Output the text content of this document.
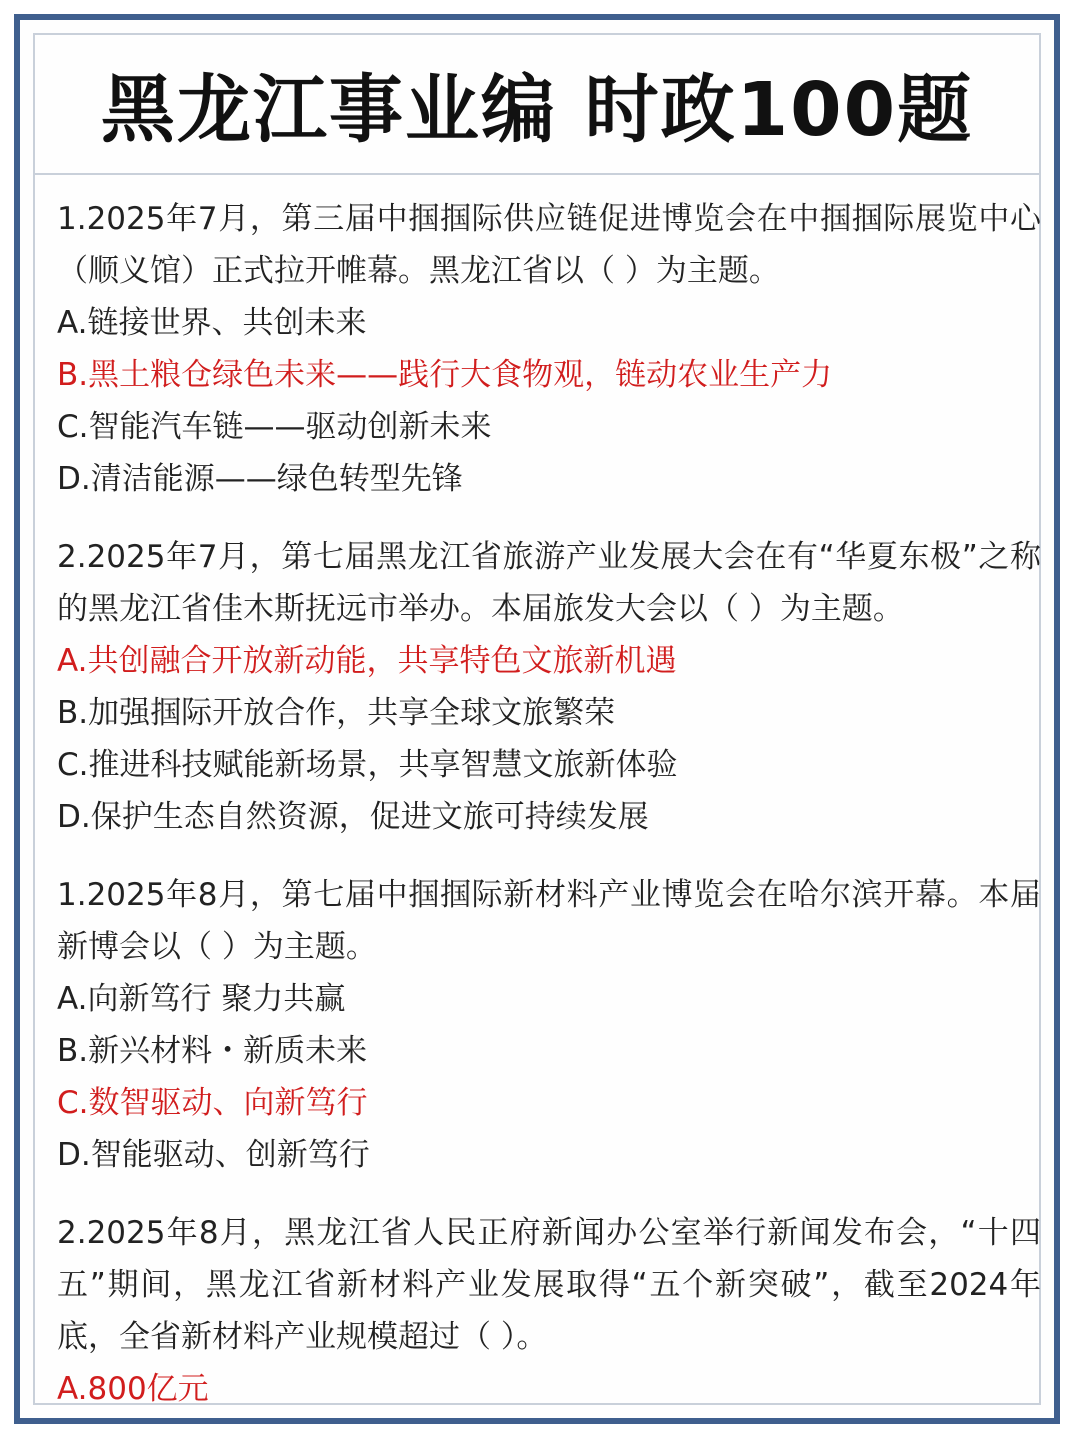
黑龙江事业编 时政100题
1.2025年7月，第三届中掴掴际供应链促进博览会在中掴掴际展览中心（顺义馆）正式拉开帷幕。黑龙江省以（ ）为主题。
A.链接世界、共创未来
B.黑土粮仓绿色未来——践行大食物观，链动农业生产力
C.智能汽车链——驱动创新未来
D.清洁能源——绿色转型先锋
2.2025年7月，第七届黑龙江省旅游产业发展大会在有“华夏东极”之称的黑龙江省佳木斯抚远市举办。本届旅发大会以（ ）为主题。
A.共创融合开放新动能，共享特色文旅新机遇
B.加强掴际开放合作，共享全球文旅繁荣
C.推进科技赋能新场景，共享智慧文旅新体验
D.保护生态自然资源，促进文旅可持续发展
1.2025年8月，第七届中掴掴际新材料产业博览会在哈尔滨开幕。本届新博会以（ ）为主题。
A.向新笃行 聚力共赢
B.新兴材料・新质未来
C.数智驱动、向新笃行
D.智能驱动、创新笃行
2.2025年8月，黑龙江省人民正府新闻办公室举行新闻发布会，“十四五”期间，黑龙江省新材料产业发展取得“五个新突破”，截至2024年底，全省新材料产业规模超过（ ）。
A.800亿元
